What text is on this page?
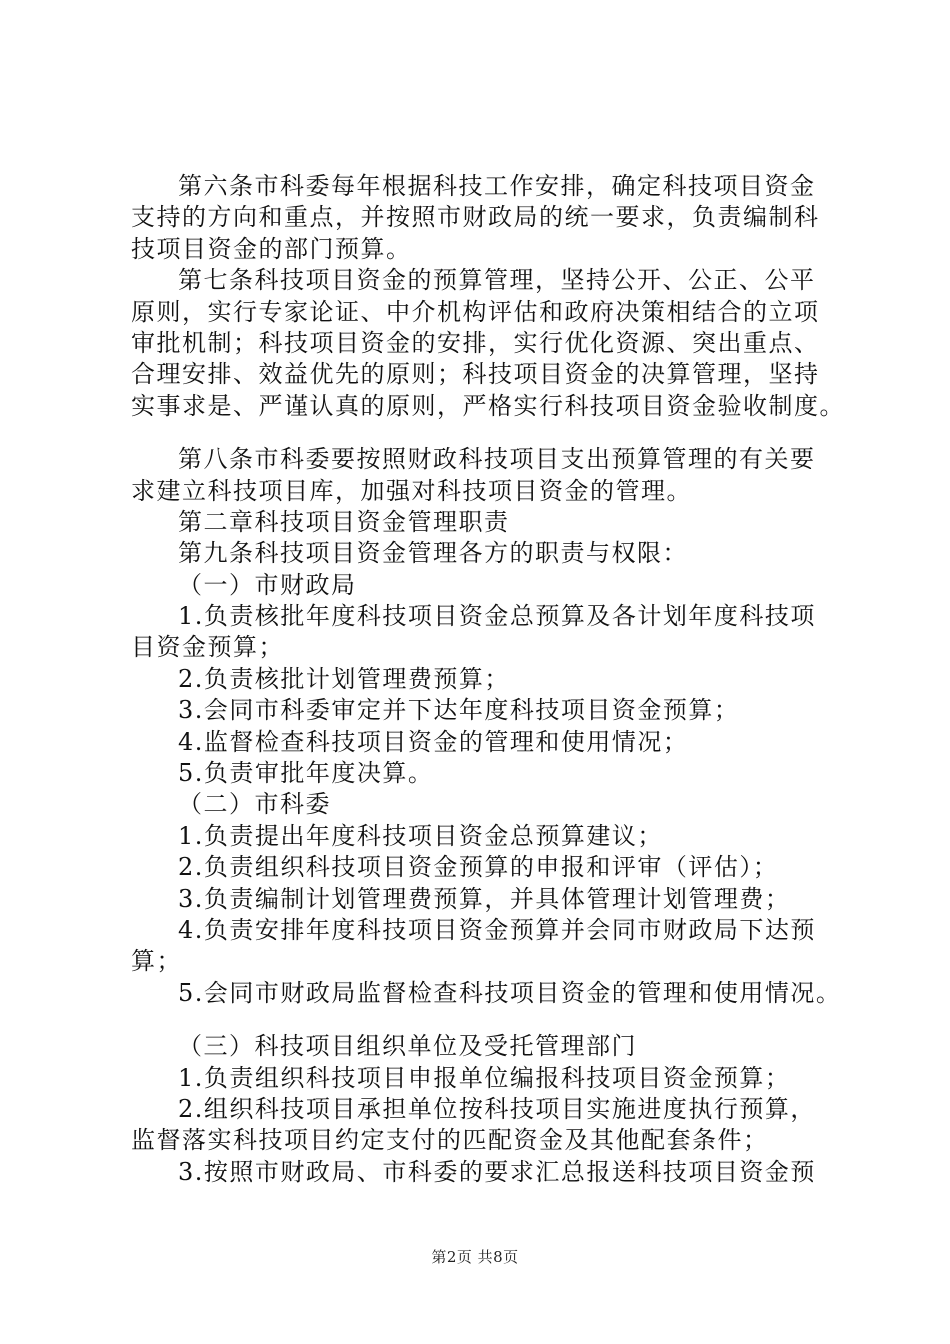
第六条市科委每年根据科技工作安排，确定科技项目资金
支持的方向和重点，并按照市财政局的统一要求，负责编制科
技项目资金的部门预算。
第七条科技项目资金的预算管理，坚持公开、公正、公平
原则，实行专家论证、中介机构评估和政府决策相结合的立项
审批机制；科技项目资金的安排，实行优化资源、突出重点、
合理安排、效益优先的原则；科技项目资金的决算管理，坚持
实事求是、严谨认真的原则，严格实行科技项目资金验收制度。
第八条市科委要按照财政科技项目支出预算管理的有关要
求建立科技项目库，加强对科技项目资金的管理。
第二章科技项目资金管理职责
第九条科技项目资金管理各方的职责与权限：
（一）市财政局
1.负责核批年度科技项目资金总预算及各计划年度科技项
目资金预算；
2.负责核批计划管理费预算；
3.会同市科委审定并下达年度科技项目资金预算；
4.监督检查科技项目资金的管理和使用情况；
5.负责审批年度决算。
（二）市科委
1.负责提出年度科技项目资金总预算建议；
2.负责组织科技项目资金预算的申报和评审（评估）；
3.负责编制计划管理费预算，并具体管理计划管理费；
4.负责安排年度科技项目资金预算并会同市财政局下达预
算；
5.会同市财政局监督检查科技项目资金的管理和使用情况。
（三）科技项目组织单位及受托管理部门
1.负责组织科技项目申报单位编报科技项目资金预算；
2.组织科技项目承担单位按科技项目实施进度执行预算，
监督落实科技项目约定支付的匹配资金及其他配套条件；
3.按照市财政局、市科委的要求汇总报送科技项目资金预
第2页 共8页
